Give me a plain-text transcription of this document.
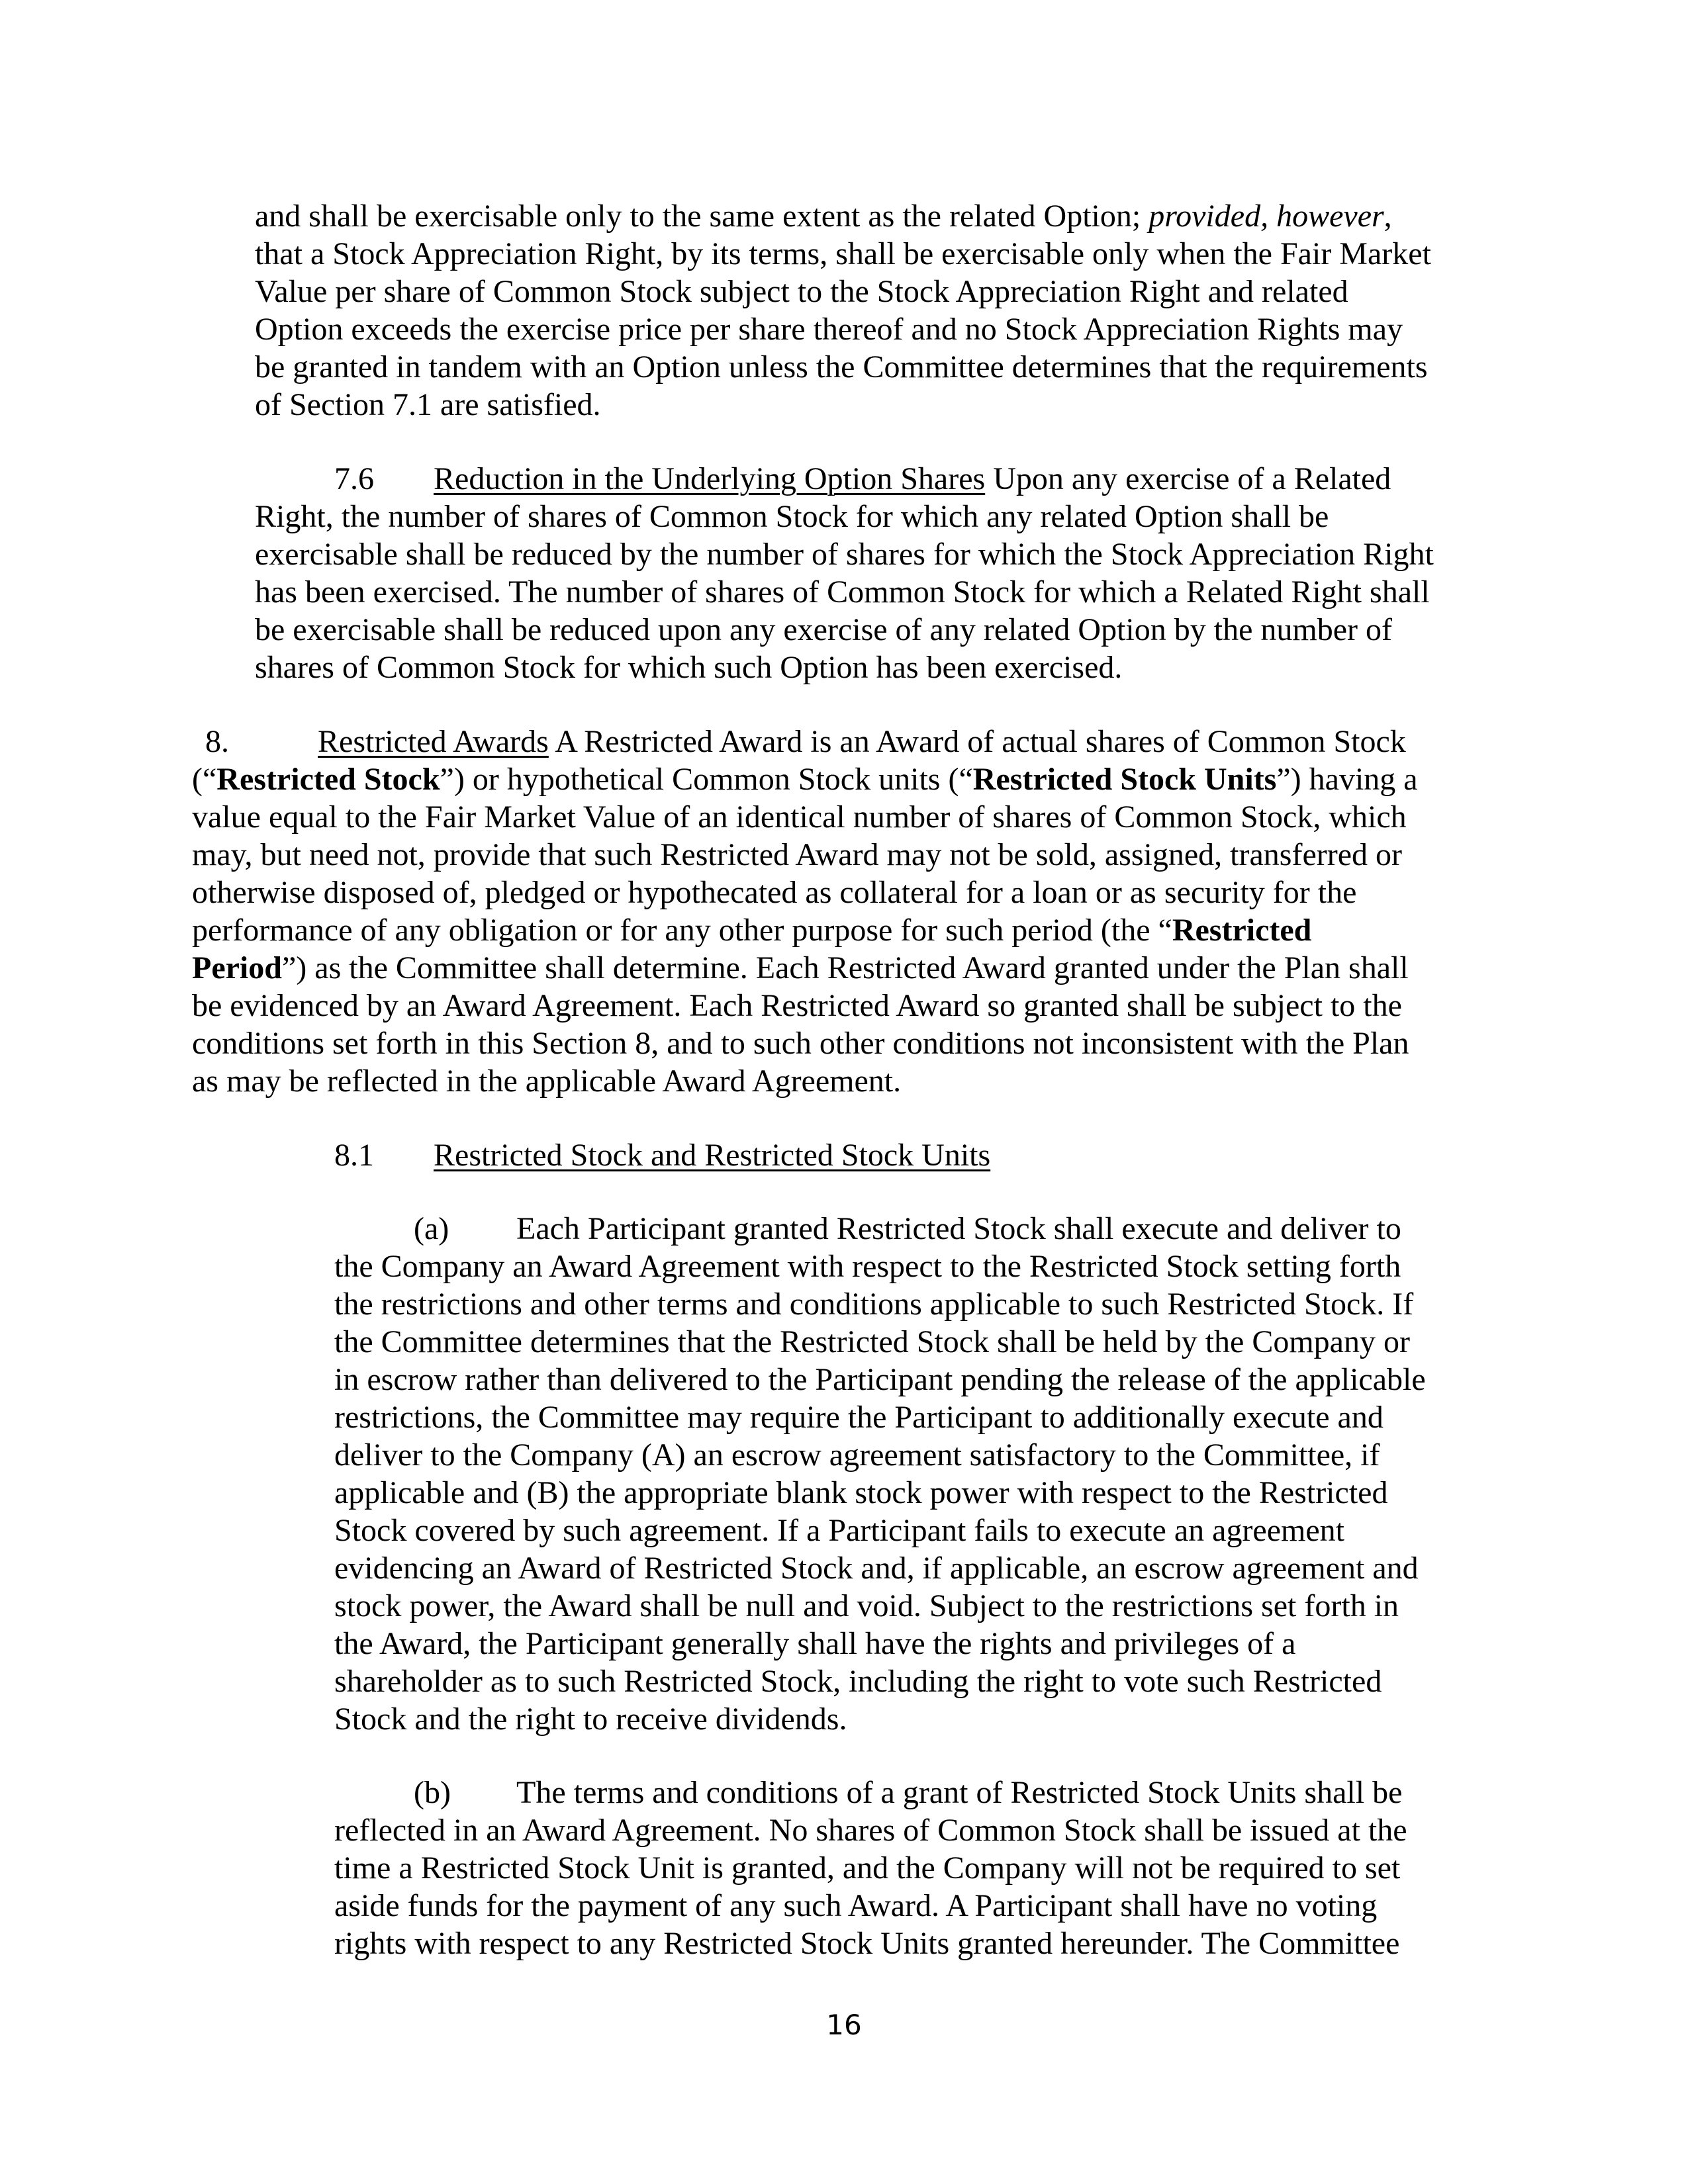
and shall be exercisable only to the same extent as the related Option; provided, however,
that a Stock Appreciation Right, by its terms, shall be exercisable only when the Fair Market
Value per share of Common Stock subject to the Stock Appreciation Right and related
Option exceeds the exercise price per share thereof and no Stock Appreciation Rights may
be granted in tandem with an Option unless the Committee determines that the requirements
of Section 7.1 are satisfied.
7.6 Reduction in the Underlying Option Shares Upon any exercise of a Related
Right, the number of shares of Common Stock for which any related Option shall be
exercisable shall be reduced by the number of shares for which the Stock Appreciation Right
has been exercised. The number of shares of Common Stock for which a Related Right shall
be exercisable shall be reduced upon any exercise of any related Option by the number of
shares of Common Stock for which such Option has been exercised.
8.	Restricted Awards A Restricted Award is an Award of actual shares of Common Stock
(“Restricted Stock”) or hypothetical Common Stock units (“Restricted Stock Units”) having a
value equal to the Fair Market Value of an identical number of shares of Common Stock, which
may, but need not, provide that such Restricted Award may not be sold, assigned, transferred or
otherwise disposed of, pledged or hypothecated as collateral for a loan or as security for the
performance of any obligation or for any other purpose for such period (the “Restricted
Period”) as the Committee shall determine. Each Restricted Award granted under the Plan shall
be evidenced by an Award Agreement. Each Restricted Award so granted shall be subject to the
conditions set forth in this Section 8, and to such other conditions not inconsistent with the Plan
as may be reflected in the applicable Award Agreement.
8.1 Restricted Stock and Restricted Stock Units
(a) Each Participant granted Restricted Stock shall execute and deliver to
the Company an Award Agreement with respect to the Restricted Stock setting forth
the restrictions and other terms and conditions applicable to such Restricted Stock. If
the Committee determines that the Restricted Stock shall be held by the Company or
in escrow rather than delivered to the Participant pending the release of the applicable
restrictions, the Committee may require the Participant to additionally execute and
deliver to the Company (A) an escrow agreement satisfactory to the Committee, if
applicable and (B) the appropriate blank stock power with respect to the Restricted
Stock covered by such agreement. If a Participant fails to execute an agreement
evidencing an Award of Restricted Stock and, if applicable, an escrow agreement and
stock power, the Award shall be null and void. Subject to the restrictions set forth in
the Award, the Participant generally shall have the rights and privileges of a
shareholder as to such Restricted Stock, including the right to vote such Restricted
Stock and the right to receive dividends.
(b) The terms and conditions of a grant of Restricted Stock Units shall be
reflected in an Award Agreement. No shares of Common Stock shall be issued at the
time a Restricted Stock Unit is granted, and the Company will not be required to set
aside funds for the payment of any such Award. A Participant shall have no voting
rights with respect to any Restricted Stock Units granted hereunder. The Committee
16
